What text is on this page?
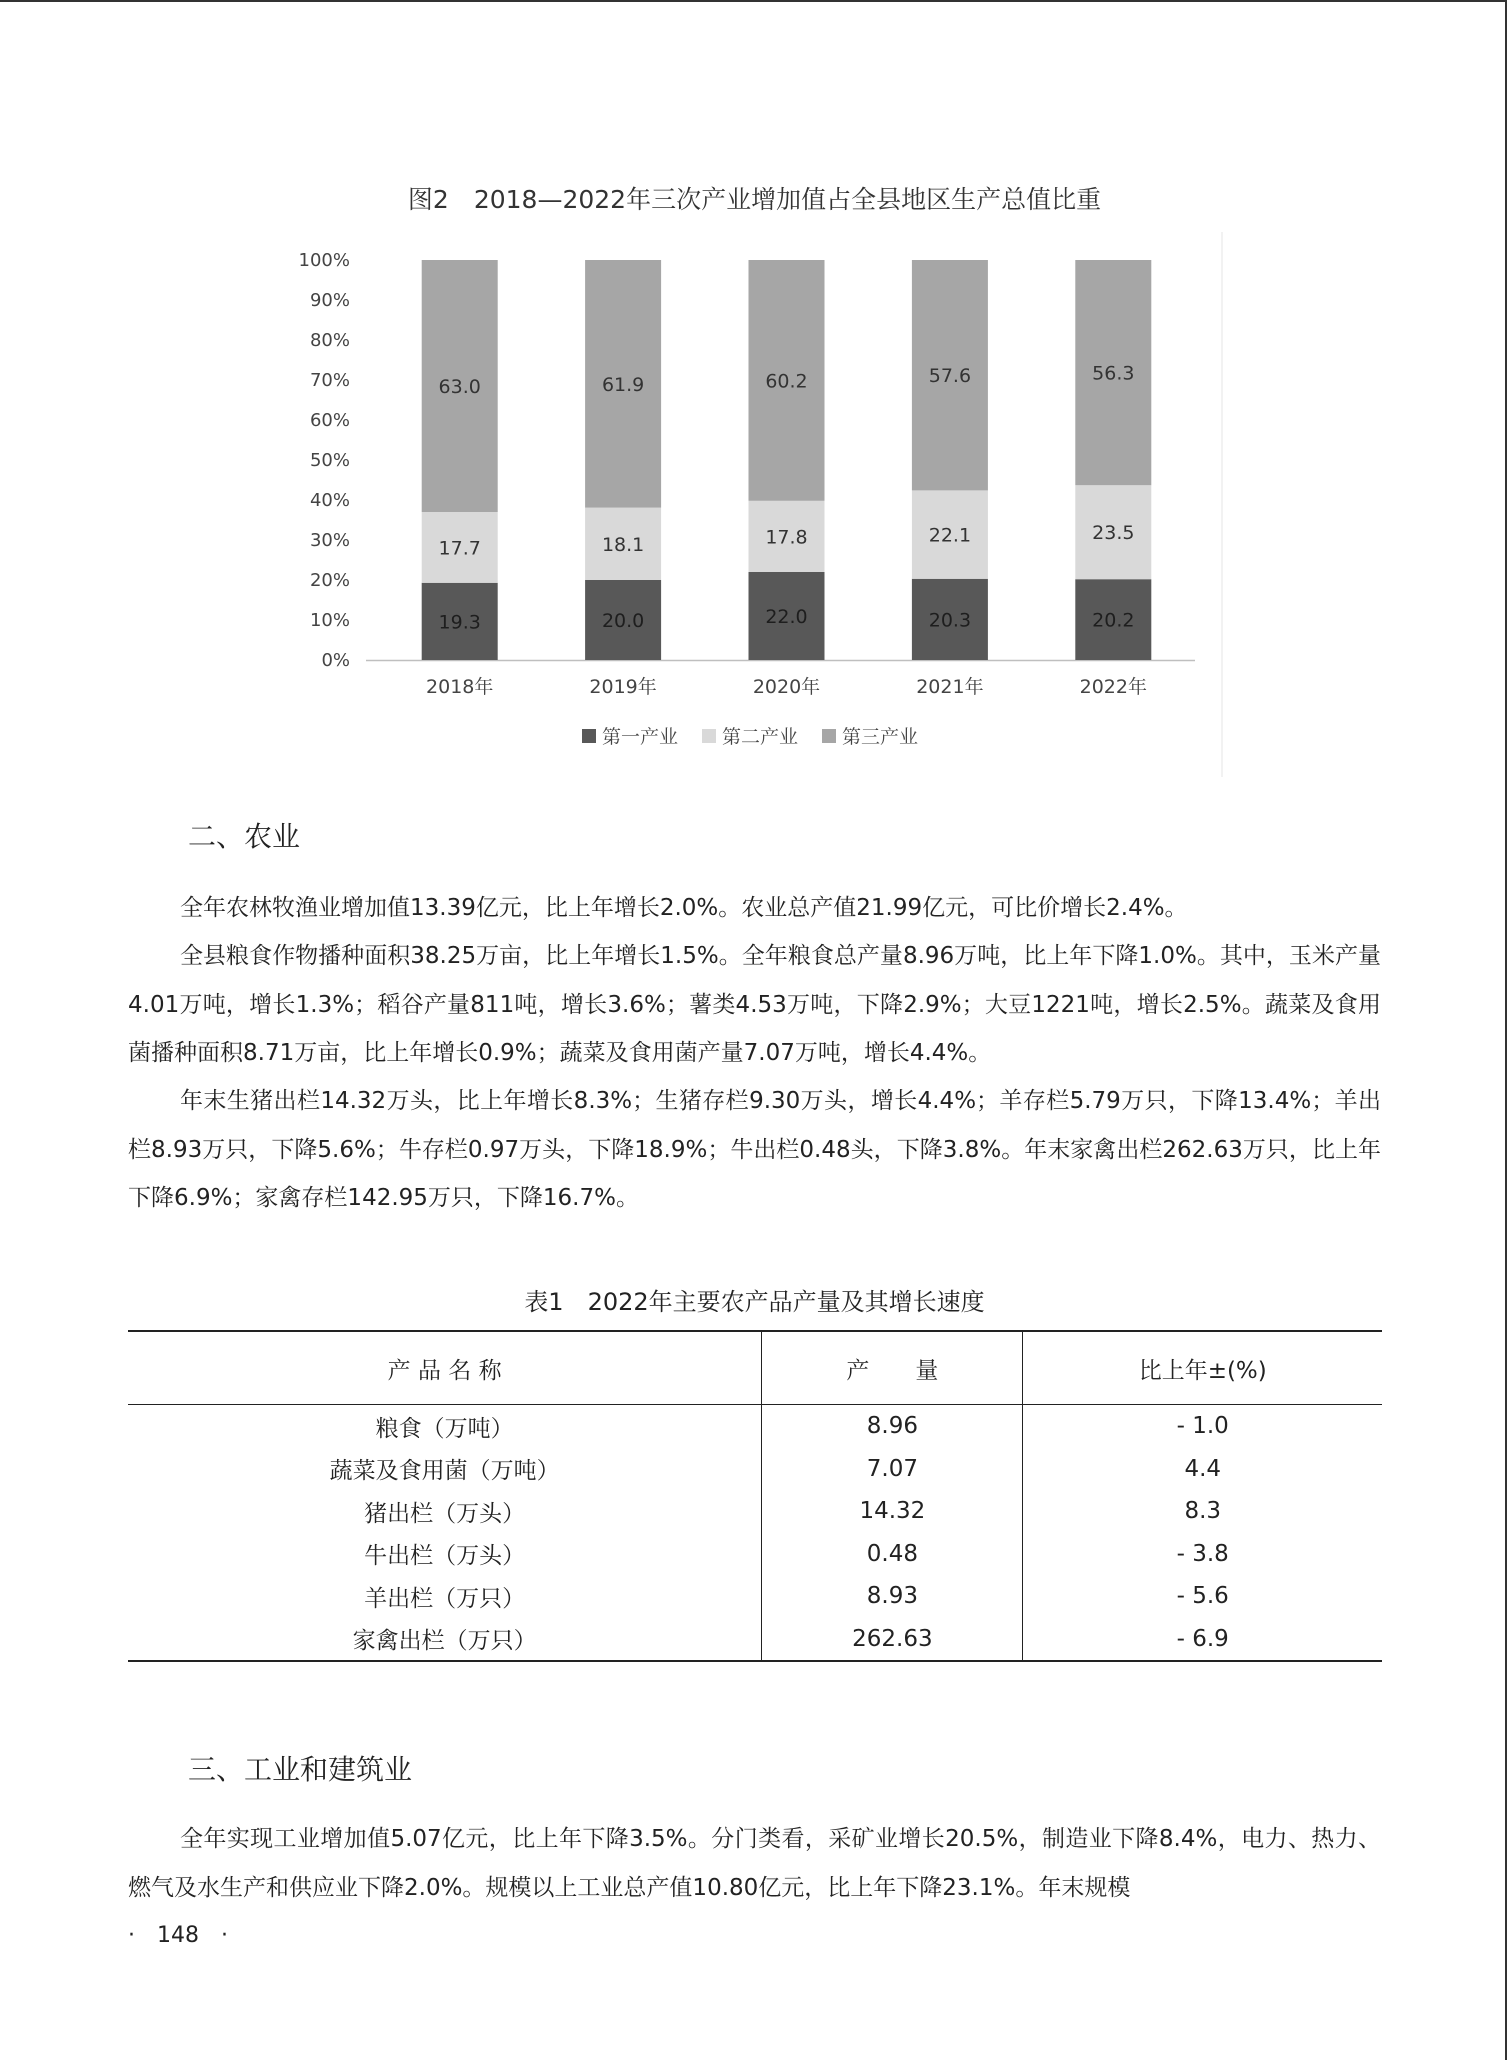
图2　2018—2022年三次产业增加值占全县地区生产总值比重
0%
10%
20%
30%
40%
50%
60%
70%
80%
90%
100%
2018年	2019年	2020年	2021年	2022年
19.3
17.7
63.0
20.0
18.1
61.9
22.0
17.8
60.2
20.3
22.1
57.6
20.2
23.5
56.3
第一产业 第二产业 第三产业
二、农业
全年农林牧渔业增加值13.39亿元，比上年增长2.0%。农业总产值21.99亿元，可比价增长2.4%。
全县粮食作物播种面积38.25万亩，比上年增长1.5%。全年粮食总产量8.96万吨，比上年下降1.0%。其中，玉米产量4.01万吨，增长1.3%；稻谷产量811吨，增长3.6%；薯类4.53万吨，下降2.9%；大豆1221吨，增长2.5%。蔬菜及食用菌播种面积8.71万亩，比上年增长0.9%；蔬菜及食用菌产量7.07万吨，增长4.4%。
年末生猪出栏14.32万头，比上年增长8.3%；生猪存栏9.30万头，增长4.4%；羊存栏5.79万只，下降13.4%；羊出栏8.93万只，下降5.6%；牛存栏0.97万头，下降18.9%；牛出栏0.48头，下降3.8%。年末家禽出栏262.63万只，比上年下降6.9%；家禽存栏142.95万只，下降16.7%。
表1　2022年主要农产品产量及其增长速度
产 品 名 称	产　　量	比上年±(%)
粮食（万吨）	8.96	- 1.0
蔬菜及食用菌（万吨）	7.07	4.4
猪出栏（万头）	14.32	8.3
牛出栏（万头）	0.48	- 3.8
羊出栏（万只）	8.93	- 5.6
家禽出栏（万只）	262.63	- 6.9
三、工业和建筑业
全年实现工业增加值5.07亿元，比上年下降3.5%。分门类看，采矿业增长20.5%，制造业下降8.4%，电力、热力、燃气及水生产和供应业下降2.0%。规模以上工业总产值10.80亿元，比上年下降23.1%。年末规模
·　148　·
